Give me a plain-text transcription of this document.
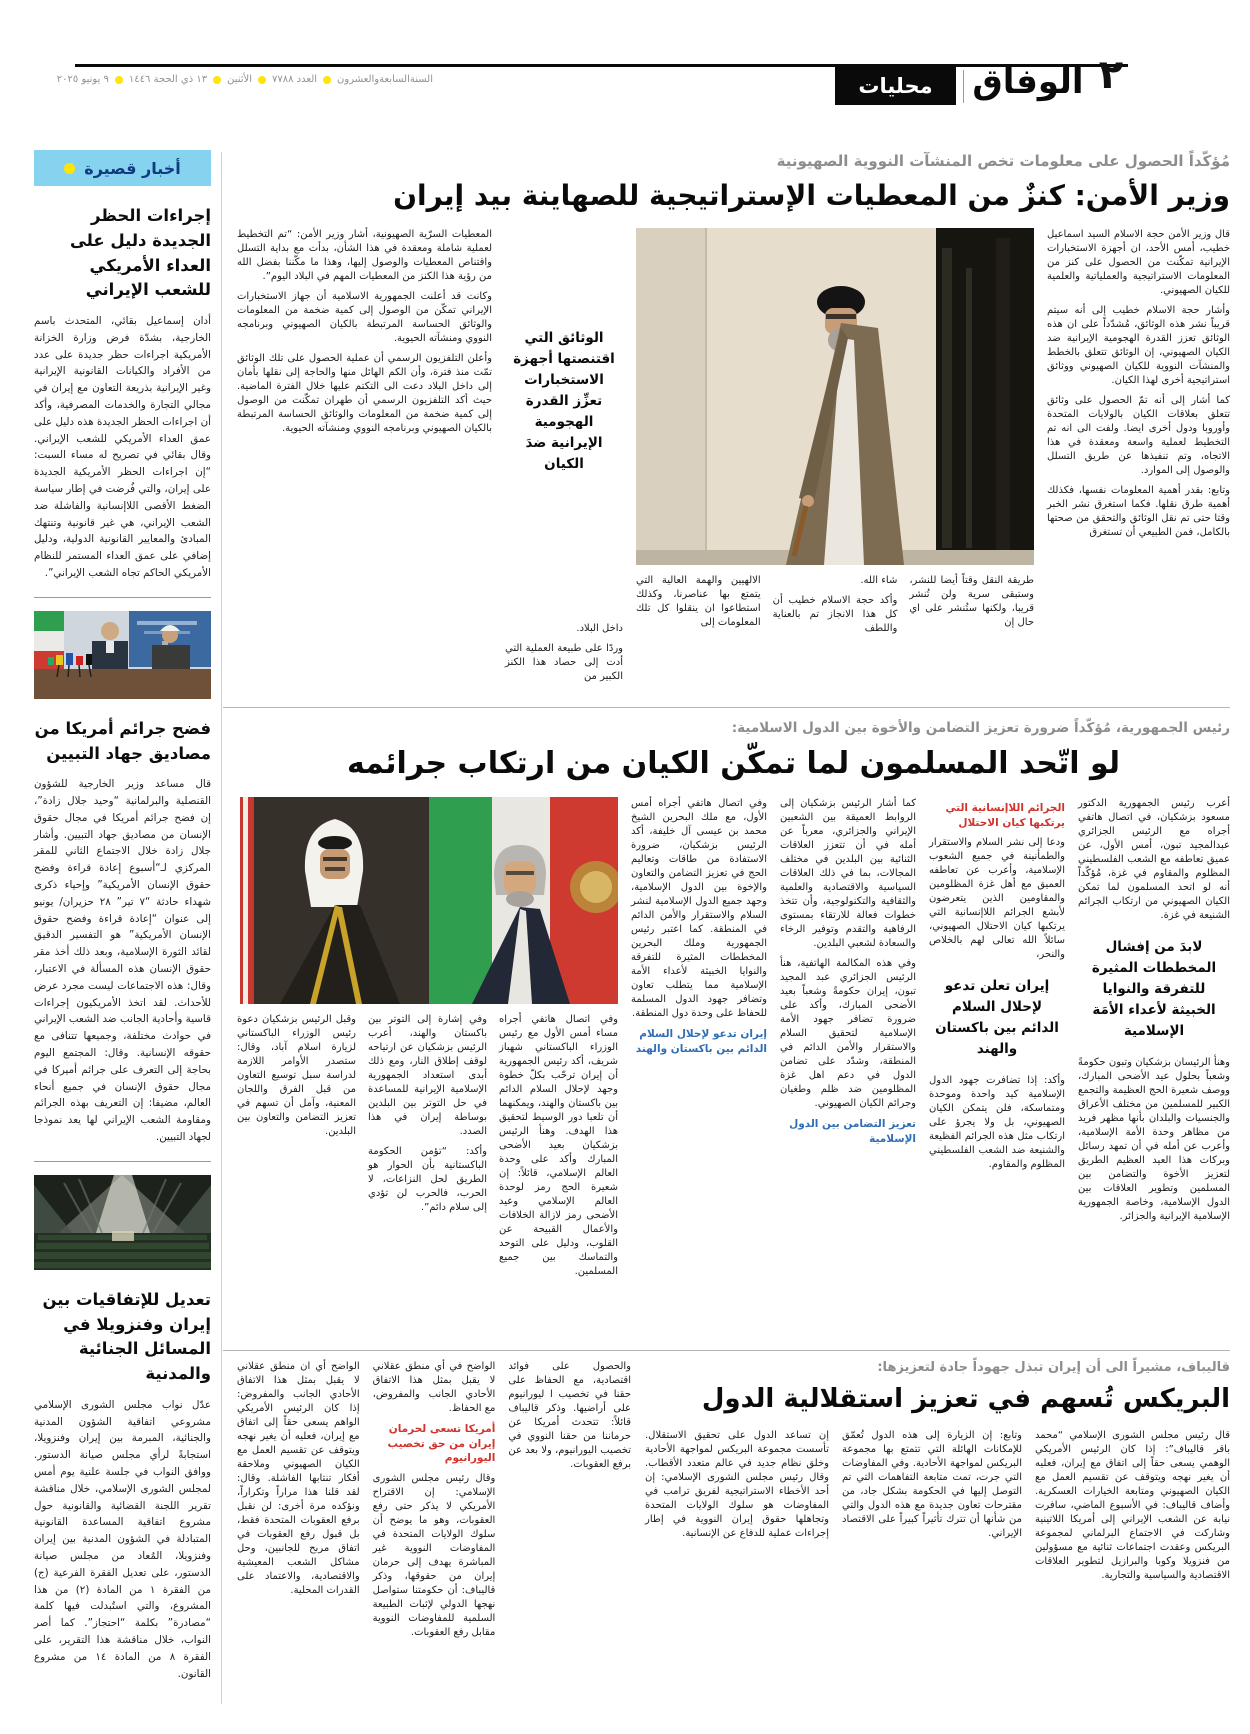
السنةالسابعةوالعشرون
العدد ٧٧٨٨
الأثنين
١٣ ذي الحجة ١٤٤٦
٩ يونيو ٢٠٢٥	محليات	الوفاق ٢
أخبار قصيرة
إجراءات الحظر الجديدة دليل على العداء الأمريكي للشعب الإيراني
أدان إسماعيل بقائي، المتحدث باسم الخارجية، بشدّة فرض وزارة الخزانة الأمريكية اجراءات حظر جديدة على عدد من الأفراد والكيانات القانونية الإيرانية وغير الإيرانية بذريعة التعاون مع إيران في مجالي التجارة والخدمات المصرفية، وأكد أن اجراءات الحظر الجديدة هذه دليل على عمق العداء الأمريكي للشعب الإيراني. وقال بقائي في تصريح له مساء السبت: “إن اجراءات الحظر الأمريكية الجديدة على إيران، والتي فُرضت في إطار سياسة الضغط الأقصى اللاإنسانية والفاشلة ضد الشعب الإيراني، هي غير قانونية وتنتهك المبادئ والمعايير القانونية الدولية، ودليل إضافي على عمق العداء المستمر للنظام الأمريكي الحاكم تجاه الشعب الإيراني”.
فضح جرائم أمريكا من مصاديق جهاد التبيين
قال مساعد وزير الخارجية للشؤون القنصلية والبرلمانية “وحيد جلال زادة”، إن فضح جرائم أمريكا في مجال حقوق الإنسان من مصاديق جهاد التبيين. وأشار جلال زادة خلال الاجتماع الثاني للمقر المركزي لـ“أسبوع إعادة قراءة وفضح حقوق الإنسان الأمريكية” وإحياء ذكرى شهداء حادثة “٧ تير” ٢٨ حزيران/ يونيو إلى عنوان “إعادة قراءة وفضح حقوق الإنسان الأمريكية” هو التفسير الدقيق لقائد الثورة الإسلامية، وبعد ذلك أخذ مقر حقوق الإنسان هذه المسألة في الاعتبار، وقال: هذه الاجتماعات ليست مجرد عرض للأحداث. لقد اتخذ الأمريكيون إجراءات قاسية وأحادية الجانب ضد الشعب الإيراني في حوادث مختلفة، وجميعها تتنافى مع حقوقه الإنسانية. وقال: المجتمع اليوم بحاجة إلى التعرف على جرائم أميركا في مجال حقوق الإنسان في جميع أنحاء العالم، مضيفا: إن التعريف بهذه الجرائم ومقاومة الشعب الإيراني لها يعد نموذجا لجهاد التبيين.
تعديل للإتفاقيات بين إيران وفنزويلا في المسائل الجنائية والمدنية
عدّل نواب مجلس الشورى الإسلامي مشروعي اتفاقية الشؤون المدنية والجنائية، المبرمة بين إيران وفنزويلا، استجابةً لرأي مجلس صيانة الدستور. ووافق النواب في جلسة علنية يوم أمس لمجلس الشورى الإسلامي، خلال مناقشة تقرير اللجنة القضائية والقانونية حول مشروع اتفاقية المساعدة القانونية المتبادلة في الشؤون المدنية بين إيران وفنزويلا، المُعاد من مجلس صيانة الدستور، على تعديل الفقرة الفرعية (ج) من الفقرة ١ من المادة (٢) من هذا المشروع، والتي استُبدلت فيها كلمة “مصادرة” بكلمة “احتجاز”. كما أصر النواب، خلال مناقشة هذا التقرير، على الفقرة ٨ من المادة ١٤ من مشروع القانون.
مُؤكّداً الحصول على معلومات تخص المنشآت النووية الصهيونية
وزير الأمن: كنزٌ من المعطيات الإستراتيجية للصهاينة بيد إيران

قال وزير الأمن حجة الاسلام السيد اسماعيل خطيب، أمس الأحد، ان أجهزة الاستخبارات الإيرانية تمكّنت من الحصول على كنز من المعلومات الاستراتيجية والعملياتية والعلمية للكيان الصهيوني.

وأشار حجة الاسلام خطيب إلى أنه سيتم قريباً نشر هذه الوثائق، مُشدّداً على ان هذه الوثائق تعزز القدرة الهجومية الإيرانية ضد الكيان الصهيوني، إن الوثائق تتعلق بالخطط والمنشآت النووية للكيان الصهيوني ووثائق استراتيجية أخرى لهذا الكيان.

كما أشار إلى أنه تمّ الحصول على وثائق تتعلق بعلاقات الكيان بالولايات المتحدة وأوروبا ودول أخرى ايضا. ولفت الى انه تم التخطيط لعملية واسعة ومعقدة في هذا الاتجاه، وتم تنفيذها عن طريق التسلل والوصول إلى الموارد.

وتابع: بقدر أهمية المعلومات نفسها، فكذلك أهمية طرق نقلها. فكما استغرق نشر الخبر وقتا حتى تم نقل الوثائق والتحقق من صحتها بالكامل، فمن الطبيعي أن تستغرق

طريقة النقل وقتاً أيضا للنشر، وستبقى سرية ولن تُنشر قريبا، ولكنها ستُنشر على اي حال إن

شاء الله.

وأكد حجة الاسلام خطيب أن كل هذا الانجاز تم بالعناية واللطف

الالهيين والهمة العالية التي يتمتع بها عناصرنا، وكذلك استطاعوا ان ينقلوا كل تلك المعلومات إلى

الوثائق التي اقتنصتها أجهزة الاستخبارات تعزِّز القدرة الهجومية الإيرانية ضدَ الكيان

داخل البلاد.

وردًا على طبيعة العملية التي أدت إلى حصاد هذا الكنز الكبير من

المعطيات السرّية الصهيونية، أشار وزير الأمن: “تم التخطيط لعملية شاملة ومعقدة في هذا الشأن، بدأت مع بداية التسلل واقتناص المعطيات والوصول إليها، وهذا ما مكّننا بفضل الله من رؤية هذا الكنز من المعطيات المهم في البلاد اليوم”.

وكانت قد أعلنت الجمهورية الاسلامية أن جهاز الاستخبارات الإيراني تمكّن من الوصول إلى كمية ضخمة من المعلومات والوثائق الحساسة المرتبطة بالكيان الصهيوني وبرنامجه النووي ومنشآته الحيوية.

وأعلن التلفزيون الرسمي أن عملية الحصول على تلك الوثائق تمّت منذ فترة، وأن الكم الهائل منها والحاجة إلى نقلها بأمان إلى داخل البلاد دعت الى التكتم عليها خلال الفترة الماضية. حيث أكد التلفزيون الرسمي أن طهران تمكّنت من الوصول إلى كمية ضخمة من المعلومات والوثائق الحساسة المرتبطة بالكيان الصهيوني وبرنامجه النووي ومنشآته الحيوية.

رئيس الجمهورية، مُؤكّداً ضرورة تعزيز التضامن والأخوة بين الدول الاسلامية:
لو اتّحد المسلمون لما تمكّن الكيان من ارتكاب جرائمه

أعرب رئيس الجمهورية الدكتور مسعود بزشكيان، في اتصال هاتفي أجراه مع الرئيس الجزائري عبدالمجيد تبون، أمس الأول، عن عميق تعاطفه مع الشعب الفلسطيني المظلوم والمقاوم في غزة، مُؤكّداً أنه لو اتحد المسلمون لما تمكن الكيان الصهيوني من ارتكاب الجرائم الشنيعة في غزة.

لابدَ من إفشال المخططات المثيرة للتفرقة والنوايا الخبيثة لأعداء الأمَة الإسلامية

وهنأ الرئيسان بزشكيان وتبون حكومةً وشعباً بحلول عيد الأضحى المبارك، ووصف شعيرة الحج العظيمة والتجمع الكبير للمسلمين من مختلف الأعراق والجنسيات والبلدان بأنها مظهر فريد من مظاهر وحدة الأمة الإسلامية، وأعرب عن أمله في أن تمهد رسائل وبركات هذا العيد العظيم الطريق لتعزيز الأخوة والتضامن بين المسلمين وتطوير العلاقات بين الدول الإسلامية، وخاصة الجمهورية الإسلامية الإيرانية والجزائر.

الجرائم اللاإنسانية التي يرتكبها كيان الاحتلال

ودعا إلى نشر السلام والاستقرار والطمأنينة في جميع الشعوب الإسلامية، وأعرب عن تعاطفه العميق مع أهل غزة المظلومين والمقاومين الذين يتعرضون لأبشع الجرائم اللاإنسانية التي يرتكبها كيان الاحتلال الصهيوني، سائلاً الله تعالى لهم بالخلاص والنحر،

إيران تعلن تدعو لإحلال السلام الدائم بين باكستان والهند

وأكد: إذا تضافرت جهود الدول الإسلامية كيد واحدة وموحدة ومتماسكة، فلن يتمكن الكيان الصهيوني، بل ولا يجرؤ على ارتكاب مثل هذه الجرائم الفظيعة والشنيعة ضد الشعب الفلسطيني المظلوم والمقاوم.

كما أشار الرئيس بزشكيان إلى الروابط العميقة بين الشعبين الإيراني والجزائري، معرباً عن أمله في أن تتعزز العلاقات الثنائية بين البلدين في مختلف المجالات، بما في ذلك العلاقات السياسية والاقتصادية والعلمية والثقافية والتكنولوجية، وأن تتخذ خطوات فعالة للارتقاء بمستوى الرفاهية والتقدم وتوفير الرخاء والسعادة لشعبي البلدين.

وفي هذه المكالمة الهاتفية، هنأ الرئيس الجزائري عبد المجيد تبون، إيران حكومةً وشعباً بعيد الأضحى المبارك، وأكد على ضرورة تضافر جهود الأمة الإسلامية لتحقيق السلام والاستقرار والأمن الدائم في المنطقة، وشدّد على تضامن الدول في دعم اهل غزة المظلومين ضد ظلم وطغيان وجرائم الكيان الصهيوني.

تعزيز التضامن بين الدول الإسلامية

وفي اتصال هاتفي أجراه أمس الأول، مع ملك البحرين الشيخ محمد بن عيسى آل خليفة، أكد الرئيس بزشكيان، ضرورة الاستفادة من طاقات وتعاليم الحج في تعزيز التضامن والتعاون والإخوة بين الدول الإسلامية، وجهد جميع الدول الإسلامية لنشر السلام والاستقرار والأمن الدائم في المنطقة. كما اعتبر رئيس الجمهورية وملك البحرين المخططات المثيرة للتفرقة والنوايا الخبيثة لأعداء الأمة الإسلامية مما يتطلب تعاون وتضافر جهود الدول المسلمة للحفاظ على وحدة دول المنطقة.

إيران تدعو لإحلال السلام الدائم بين باكستان والهند

وفي اتصال هاتفي أجراه مساء أمس الأول مع رئيس الوزراء الباكستاني شهباز شريف، أكد رئيس الجمهورية أن إيران ترحّب بكلّ خطوة وجهد لإحلال السلام الدائم بين باكستان والهند، ويمكنهما أن تلعبا دور الوسيط لتحقيق هذا الهدف. وهنأ الرئيس بزشكيان بعيد الأضحى المبارك وأكد على وحدة العالم الإسلامي، قائلاً: إن شعيرة الحج رمز لوحدة العالم الإسلامي وعيد الأضحى رمز لازالة الخلافات والأعمال القبيحة عن القلوب، ودليل على التوحد والتماسك بين جميع المسلمين.

وفي إشارة إلى التوتر بين باكستان والهند، أعرب الرئيس بزشكيان عن ارتياحه لوقف إطلاق النار، ومع ذلك أبدى استعداد الجمهورية الإسلامية الإيرانية للمساعدة في حل التوتر بين البلدين بوساطة إيران في هذا الصدد.

وأكد: “تؤمن الحكومة الباكستانية بأن الحوار هو الطريق لحل النزاعات، لا الحرب، فالحرب لن تؤدي إلى سلام دائم”.

وقبل الرئيس بزشكيان دعوة رئيس الوزراء الباكستاني لزيارة اسلام آباد، وقال: ستصدر الأوامر اللازمة لدراسة سبل توسيع التعاون من قبل الفرق واللجان المعنية، وآمل أن تسهم في تعزيز التضامن والتعاون بين البلدين.

قاليباف، مشيراً الى أن إيران تبذل جهوداً جادة لتعزيزها:
البريكس تُسهم في تعزيز استقلالية الدول

قال رئيس مجلس الشورى الإسلامي “محمد باقر قاليباف”: إذا كان الرئيس الأمريكي الوهمي يسعى حقاً إلى اتفاق مع إيران، فعليه أن يغير نهجه ويتوقف عن تقسيم العمل مع الكيان الصهيوني ومتابعة الخيارات العسكرية. وأضاف قاليباف: في الأسبوع الماضي، سافرت نيابة عن الشعب الإيراني إلى أمريكا اللاتينية وشاركت في الاجتماع البرلماني لمجموعة البريكس وعقدت اجتماعات ثنائية مع مسؤولين من فنزويلا وكوبا والبرازيل لتطوير العلاقات الاقتصادية والسياسية والتجارية.

وتابع: إن الزيارة إلى هذه الدول تُعمّق للإمكانات الهائلة التي تتمتع بها مجموعة البريكس لمواجهة الأحادية. وفي المفاوضات التي جرت، تمت متابعة التفاهمات التي تم التوصل إليها في الحكومة بشكل جاد، من مقترحات تعاون جديدة مع هذه الدول والتي من شأنها أن تترك تأثيراً كبيراً على الاقتصاد الإيراني.

إن تساعد الدول على تحقيق الاستقلال. تأسست مجموعة البريكس لمواجهة الأحادية وخلق نظام جديد في عالم متعدد الأقطاب. وقال رئيس مجلس الشورى الإسلامي: إن أحد الأخطاء الاستراتيجية لفريق ترامب في المفاوضات هو سلوك الولايات المتحدة وتجاهلها حقوق إيران النووية في إطار إجراءات عملية للدفاع عن الإنسانية.

والحصول على فوائد اقتصادية، مع الحفاظ على حقنا في تخصيب ا ليورانيوم على أراضيها. وذكر قاليباف قائلاً: تتحدث أمريكا عن حرماننا من حقنا النووي في تخصيب اليورانيوم، ولا بعد عن برفع العقوبات.

الواضح في أي منطق عقلاني لا يقبل بمثل هذا الاتفاق الأحادي الجانب والمفروض، مع الحفاظ.

أمريكا تسعى لحرمان إيران من حق تخصيب اليورانيوم

وقال رئيس مجلس الشورى الإسلامي: إن الاقتراح الأمريكي لا يذكر حتى رفع العقوبات، وهو ما يوضح أن سلوك الولايات المتحدة في المفاوضات النووية غير المباشرة يهدف إلى حرمان إيران من حقوقها، وذكر قاليباف: أن حكومتنا ستواصل نهجها الدولي لإثبات الطبيعة السلمية للمفاوضات النووية مقابل رفع العقوبات.

الواضح أي ان منطق عقلاني لا يقبل بمثل هذا الاتفاق الأحادي الجانب والمفروض: إذا كان الرئيس الأمريكي الواهم يسعى حقاً إلى اتفاق مع إيران، فعليه أن يغير نهجه ويتوقف عن تقسيم العمل مع الكيان الصهيوني وملاحقة أفكار تنتابها الفاشلة. وقال: لقد قلنا هذا مراراً وتكراراً، ونؤكده مرة أخرى: لن نقبل برفع العقوبات المتحدة فقط، بل قبول رفع العقوبات في اتفاق مربح للجانبين، وحل مشاكل الشعب المعيشية والاقتصادية، والاعتماد على القدرات المحلية.
